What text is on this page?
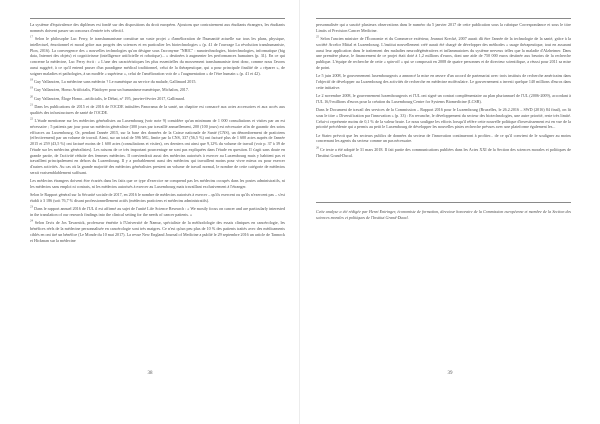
La système d'équivalence des diplômes est fondé sur des dispositions du droit européen. Ajoutons que contrairement aux étudiants étrangers, les étudiants nommés doivent passer un concours d'entrée très sélectif.

$^{17}$ Selon le philosophe Luc Ferry, le transhumanisme constitue un vaste projet « d'amélioration de l'humanité actuelle sur tous les plans, physique, intellectuel, émotionnel et moral grâce aux progrès des sciences et en particulier les biotechnologies » (p. 41 de l'ouvrage La révolution transhumaniste, Plon, 2016). La convergence des « nouvelles technologies qu'on désigne sous l'acronyme "NBIC" : nanotechnologies, biotechnologies, informatique (big data, Internet des objets) et cognitivisme (intelligence artificielle et robotique)... » destinées à augmenter les performances humaines (p. 31). En ce qui concerne la médecine, Luc Ferry écrit : « L'une des caractéristiques les plus essentielles du mouvement transhumaniste tient donc, comme nous l'avons aussi suggéré, à ce qu'il entend passer d'un paradigme médical traditionnel, celui de la thérapeutique, qui a pour principale finalité de « réparer », de soigner maladies et pathologies, à un modèle « supérieur », celui de l'amélioration voir de « l'augmentation » de l'être humain » (p. 41 et 42).

$^{18}$ Guy Vallancien, La médecine sans médecin ? Le numérique au service du malade, Gallimard 2015.

$^{19}$ Guy Vallancien, Homo Artificialis, Plaidoyer pour un humanisme numérique, Michalon, 2017.

$^{20}$ Guy Vallancien, Éloge Homo...artificialis, le Débat, n° 195, janvier-février 2017, Gallimard.

$^{21}$ Dans les publications de 2015 et de 2016 de l'OCDE intitulées Panorama de la santé, un chapitre est consacré aux actes accessoires et aux accès aux qualités des infrastructures de santé de l'OCDE.

$^{22}$ L'étude mentionne sur les médecins généralistes au Luxembourg (voir note 9) considère qu'un minimum de 1 000 consultations et visites par an est nécessaire ; 5 patients par jour pour un médecin généraliste (300 jours par travaillé annuellement, 200 (100 jours) est nécessaire afin de garantir des soins efficaces au Luxembourg. Or, pendant l'année 2015, sur la base des données de la Caisse nationale de Santé (CNS), un dénombrement de praticiens (effectivement) par un volume de travail. Ainsi, sur un total de 596 MG, limite par la CNS, 337 (56,5 %) ont facturé plus de 1 600 actes auprès de l'année 2015 et 259 (43,5 %) ont facturé moins de 1 600 actes (consultations et visites), ces derniers ont ainsi que 9,12% du volume de travail (voir p. 37 à 39 de l'étude sur les médecins généralistes). Les raisons de ce très important pourcentage ne sont pas expliquées dans l'étude en question. Il s'agit sans doute en grande partie, de l'activité réduite des femmes médecins. Il conviendrait aussi des médecins autorisés à exercer au Luxembourg mais y habitent pas et travaillent principalement en dehors du Luxembourg. Il y a probablement aussi des médecins qui travaillent moins pour vivre mieux ou pour exercer d'autres activités. Au cas où la grande majorité des médecins généralistes prestent un volume de travail normal, le nombre de cette catégorie de médecins serait vraisemblablement suffisant.

Les médecins étrangers doivent être écartés dans les faits que ce type d'exercice ne comprend pas les médecins occupés dans les postes administratifs, ni les médecins sans emploi ni contrats, ni les médecins autorisés à exercer au Luxembourg mais travaillant exclusivement à l'étranger.

Selon le Rapport général sur la Sécurité sociale de 2017, en 2016 le nombre de médecins autorisés à exercer – qu'ils exercent ou qu'ils n'exercent pas – s'est établi à 3 186 (soit 76,7 % disant professionnellement actifs (médecins praticiens et médecins administratifs).

$^{23}$ Dans le rapport annuel 2016 de l'UL il est affirmé au sujet de l'unité Life Science Research : « We mostly focus on cancer and are particularly interested in the translation of our research findings into the clinical setting for the needs of cancer patients. »

$^{24}$ Selon l'avis de Jos Tavarnick, professeur émérite à l'Université de Namur, spécialiste de la méthodologie des essais cliniques en cancérologie, les bénéfices réels de la médecine personnalisée en cancérologie sont très maigres. Ce n'est qu'un peu plus de 10 % des patients traités avec des médicaments ciblés en ont tiré un bénéfice (Le Monde du 10 mai 2017). La revue New England Journal of Medicine a publié le 29 septembre 2016 un article de Tannock et Hickman sur la médecine

38

personnalisée qui a suscité plusieurs observations dans le numéro du 5 janvier 2017 de cette publication sous la rubrique Correspondance et sous le titre Limits of Precision Cancer Medicine.

$^{25}$ Selon l'ancien ministre de l'Économie et du Commerce extérieur, Jeannot Krecké, 2007 aurait dû être l'année de la technologie de la santé, grâce à la société Arcelor Mittal et Luxembourg. L'institut nouvellement créé aurait été chargé de développer des méthodes « usage thérapeutique, tout en assurant aussi leur application dans le traitement des maladies neurodégénératives et inflammatoires du système nerveux telles que la maladie d'Alzheimer. Dans une première phase, le financement de ce projet était doté à 1,2 millions d'euros, dont une aide de 750 000 euros destinée aux besoins de la recherche publique. L'équipe de recherche de cette « spin-off » qui se composait en 2008 de quatre personnes et de directeur scientifique, a réussi pour 2011 sa mise de point.

Le 5 juin 2008, le gouvernement luxembourgeois a annoncé la mise en œuvre d'un accord de partenariat avec trois instituts de recherche américains dans l'objectif de développer au Luxembourg des activités de recherche en médecine moléculaire. Le gouvernement a investi quelque 140 millions d'euros dans cette initiative.

Le 2 novembre 2008, le gouvernement luxembourgeois et l'UL ont signé un contrat complémentaire au plan pluriannuel de l'UL (2006-2009), accordant à l'UL 16,9 millions d'euros pour la création du Luxembourg Centre for Systems Biomedicine (LCSB).

Dans le Document de travail des services de la Commission – Rapport 2016 pour le Luxembourg (Bruxelles, le 26.2.2016 – SWD (2016) 84 final), on lit sous le titre « Diversification par l'innovation » (p. 33) : En revanche, le développement du secteur des biotechnologies, une autre priorité, reste très limité. Celui-ci représente moins de 0,1 % de la valeur brute. Le nous souligne les efforts lorsqu'il réfère cette nouvelle politique d'investissement est en vue de la priorité précédente qui a permis au petit le Luxembourg de développer les nouvelles pistes recherche prévues avec une plateforme également les...

Le Statec prévoit que les secteurs publics de données du secteur de l'innovation continueront à profiter... de ce qu'il convient de le souligner au moins concernant les agents du secteur comme un pas nécessaire.

$^{26}$ Ce texte a été adopté le 31 mars 2018. Il fait partie des communications publiées dans les Actes XXI de la Section des sciences morales et politiques de l'Institut Grand-Ducal.

Cette analyse a été rédigée par Henri Entringer, économiste de formation, directeur honoraire de la Commission européenne et membre de la Section des sciences morales et politiques de l'Institut Grand-Ducal.

39
